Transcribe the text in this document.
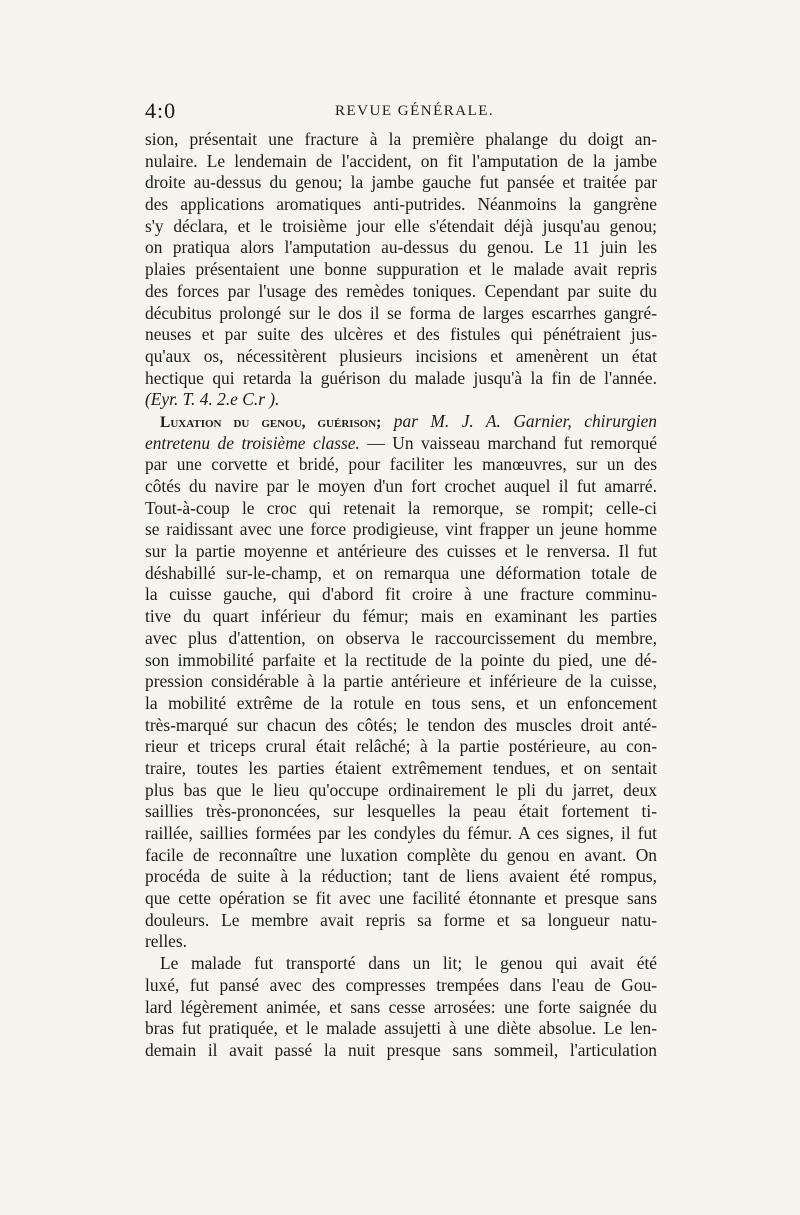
4:0	REVUE GÉNÉRALE.
sion, présentait une fracture à la première phalange du doigt an-
nulaire. Le lendemain de l'accident, on fit l'amputation de la jambe
droite au-dessus du genou; la jambe gauche fut pansée et traitée par
des applications aromatiques anti-putrides. Néanmoins la gangrène
s'y déclara, et le troisième jour elle s'étendait déjà jusqu'au genou;
on pratiqua alors l'amputation au-dessus du genou. Le 11 juin les
plaies présentaient une bonne suppuration et le malade avait repris
des forces par l'usage des remèdes toniques. Cependant par suite du
décubitus prolongé sur le dos il se forma de larges escarrhes gangré-
neuses et par suite des ulcères et des fistules qui pénétraient jus-
qu'aux os, nécessitèrent plusieurs incisions et amenèrent un état
hectique qui retarda la guérison du malade jusqu'à la fin de l'année.
(Eyr. T. 4. 2.e C.r ).
Luxation du genou, guérison; par M. J. A. Garnier, chirurgien
entretenu de troisième classe. — Un vaisseau marchand fut remorqué
par une corvette et bridé, pour faciliter les manœuvres, sur un des
côtés du navire par le moyen d'un fort crochet auquel il fut amarré.
Tout-à-coup le croc qui retenait la remorque, se rompit; celle-ci
se raidissant avec une force prodigieuse, vint frapper un jeune homme
sur la partie moyenne et antérieure des cuisses et le renversa. Il fut
déshabillé sur-le-champ, et on remarqua une déformation totale de
la cuisse gauche, qui d'abord fit croire à une fracture comminu-
tive du quart inférieur du fémur; mais en examinant les parties
avec plus d'attention, on observa le raccourcissement du membre,
son immobilité parfaite et la rectitude de la pointe du pied, une dé-
pression considérable à la partie antérieure et inférieure de la cuisse,
la mobilité extrême de la rotule en tous sens, et un enfoncement
très-marqué sur chacun des côtés; le tendon des muscles droit anté-
rieur et triceps crural était relâché; à la partie postérieure, au con-
traire, toutes les parties étaient extrêmement tendues, et on sentait
plus bas que le lieu qu'occupe ordinairement le pli du jarret, deux
saillies très-prononcées, sur lesquelles la peau était fortement ti-
raillée, saillies formées par les condyles du fémur. A ces signes, il fut
facile de reconnaître une luxation complète du genou en avant. On
procéda de suite à la réduction; tant de liens avaient été rompus,
que cette opération se fit avec une facilité étonnante et presque sans
douleurs. Le membre avait repris sa forme et sa longueur natu-
relles.
Le malade fut transporté dans un lit; le genou qui avait été
luxé, fut pansé avec des compresses trempées dans l'eau de Gou-
lard légèrement animée, et sans cesse arrosées: une forte saignée du
bras fut pratiquée, et le malade assujetti à une diète absolue. Le len-
demain il avait passé la nuit presque sans sommeil, l'articulation
